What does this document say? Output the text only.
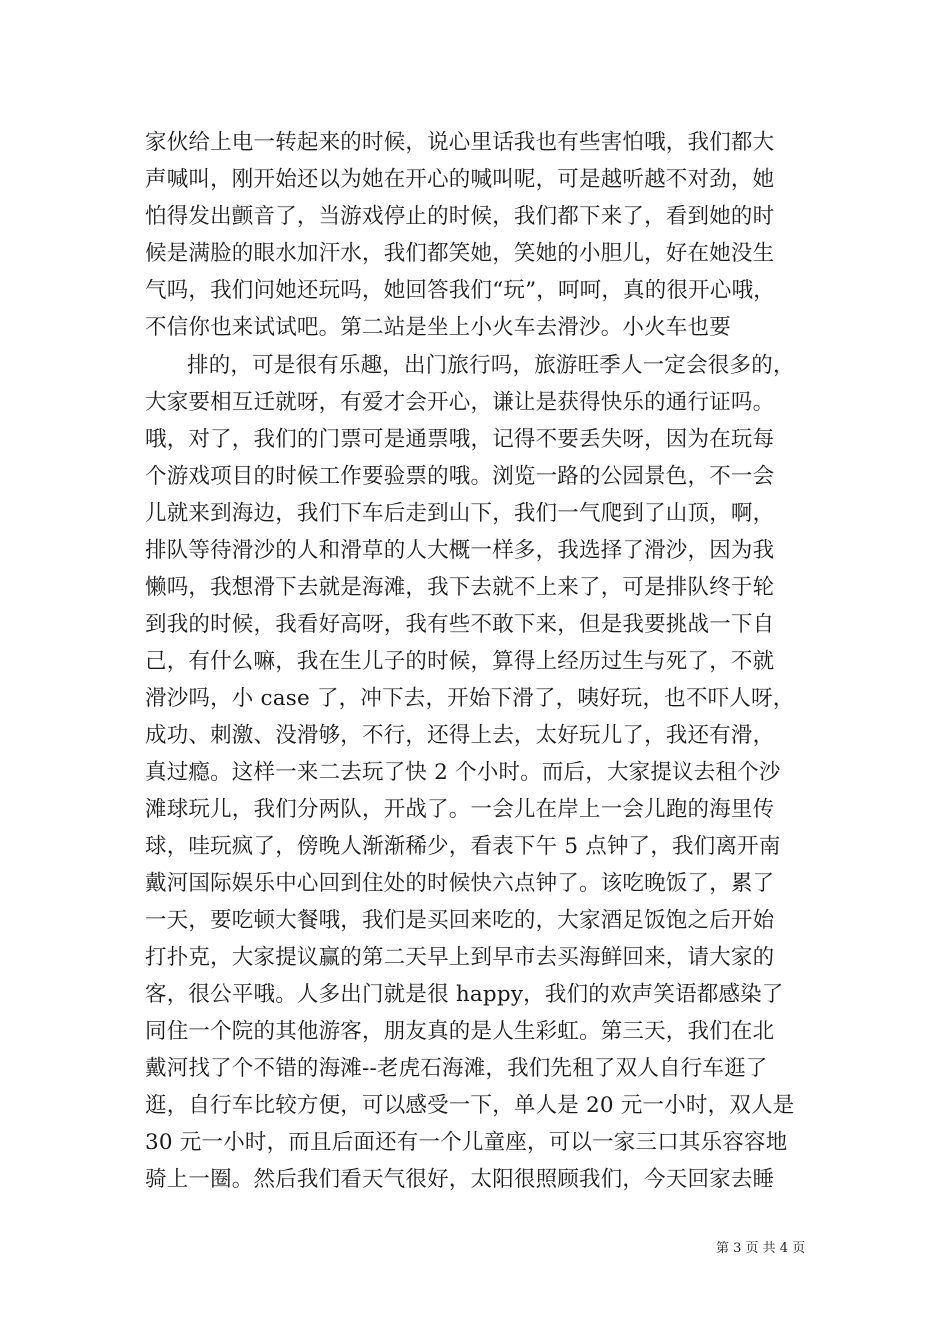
家伙给上电一转起来的时候，说心里话我也有些害怕哦，我们都大
声喊叫，刚开始还以为她在开心的喊叫呢，可是越听越不对劲，她
怕得发出颤音了，当游戏停止的时候，我们都下来了，看到她的时
候是满脸的眼水加汗水，我们都笑她，笑她的小胆儿，好在她没生
气吗，我们问她还玩吗，她回答我们“玩”，呵呵，真的很开心哦，
不信你也来试试吧。第二站是坐上小火车去滑沙。小火车也要
排的，可是很有乐趣，出门旅行吗，旅游旺季人一定会很多的，
大家要相互迁就呀，有爱才会开心，谦让是获得快乐的通行证吗。
哦，对了，我们的门票可是通票哦，记得不要丢失呀，因为在玩每
个游戏项目的时候工作要验票的哦。浏览一路的公园景色，不一会
儿就来到海边，我们下车后走到山下，我们一气爬到了山顶，啊，
排队等待滑沙的人和滑草的人大概一样多，我选择了滑沙，因为我
懒吗，我想滑下去就是海滩，我下去就不上来了，可是排队终于轮
到我的时候，我看好高呀，我有些不敢下来，但是我要挑战一下自
己，有什么嘛，我在生儿子的时候，算得上经历过生与死了，不就
滑沙吗，小 case 了，冲下去，开始下滑了，咦好玩，也不吓人呀，
成功、刺激、没滑够，不行，还得上去，太好玩儿了，我还有滑，
真过瘾。这样一来二去玩了快 2 个小时。而后，大家提议去租个沙
滩球玩儿，我们分两队，开战了。一会儿在岸上一会儿跑的海里传
球，哇玩疯了，傍晚人渐渐稀少，看表下午 5 点钟了，我们离开南
戴河国际娱乐中心回到住处的时候快六点钟了。该吃晚饭了，累了
一天，要吃顿大餐哦，我们是买回来吃的，大家酒足饭饱之后开始
打扑克，大家提议赢的第二天早上到早市去买海鲜回来，请大家的
客，很公平哦。人多出门就是很 happy，我们的欢声笑语都感染了
同住一个院的其他游客，朋友真的是人生彩虹。第三天，我们在北
戴河找了个不错的海滩--老虎石海滩，我们先租了双人自行车逛了
逛，自行车比较方便，可以感受一下，单人是 20 元一小时，双人是
30 元一小时，而且后面还有一个儿童座，可以一家三口其乐容容地
骑上一圈。然后我们看天气很好，太阳很照顾我们，今天回家去睡
第 3 页 共 4 页
